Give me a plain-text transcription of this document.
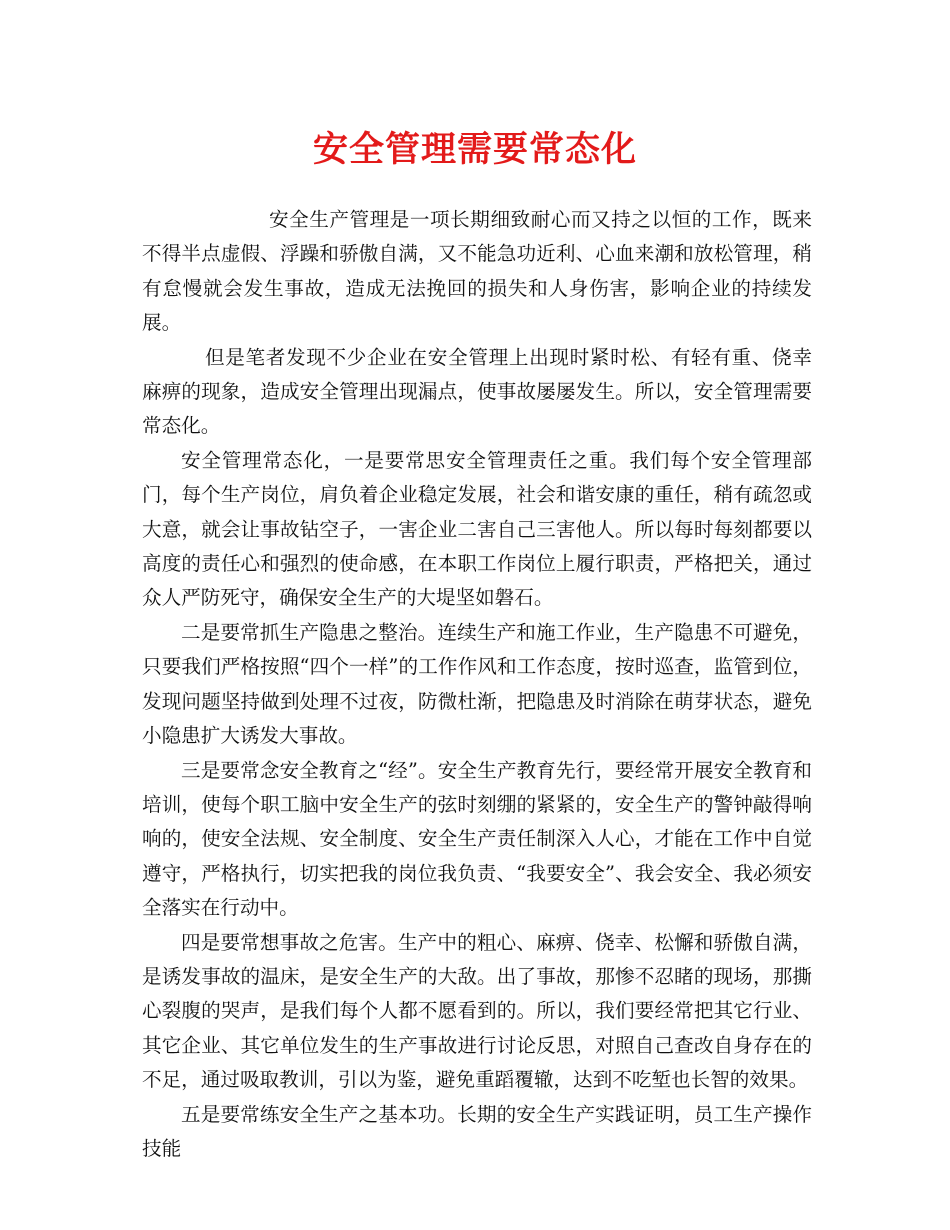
安全管理需要常态化

安全生产管理是一项长期细致耐心而又持之以恒的工作，既来不得半点虚假、浮躁和骄傲自满，又不能急功近利、心血来潮和放松管理，稍有怠慢就会发生事故，造成无法挽回的损失和人身伤害，影响企业的持续发展。

但是笔者发现不少企业在安全管理上出现时紧时松、有轻有重、侥幸麻痹的现象，造成安全管理出现漏点，使事故屡屡发生。所以，安全管理需要常态化。

安全管理常态化，一是要常思安全管理责任之重。我们每个安全管理部门，每个生产岗位，肩负着企业稳定发展，社会和谐安康的重任，稍有疏忽或大意，就会让事故钻空子，一害企业二害自己三害他人。所以每时每刻都要以高度的责任心和强烈的使命感，在本职工作岗位上履行职责，严格把关，通过众人严防死守，确保安全生产的大堤坚如磐石。

二是要常抓生产隐患之整治。连续生产和施工作业，生产隐患不可避免，只要我们严格按照“四个一样”的工作作风和工作态度，按时巡查，监管到位，发现问题坚持做到处理不过夜，防微杜渐，把隐患及时消除在萌芽状态，避免小隐患扩大诱发大事故。

三是要常念安全教育之“经”。安全生产教育先行，要经常开展安全教育和培训，使每个职工脑中安全生产的弦时刻绷的紧紧的，安全生产的警钟敲得响响的，使安全法规、安全制度、安全生产责任制深入人心，才能在工作中自觉遵守，严格执行，切实把我的岗位我负责、“我要安全”、我会安全、我必须安全落实在行动中。

四是要常想事故之危害。生产中的粗心、麻痹、侥幸、松懈和骄傲自满，是诱发事故的温床，是安全生产的大敌。出了事故，那惨不忍睹的现场，那撕心裂腹的哭声，是我们每个人都不愿看到的。所以，我们要经常把其它行业、其它企业、其它单位发生的生产事故进行讨论反思，对照自己查改自身存在的不足，通过吸取教训，引以为鉴，避免重蹈覆辙，达到不吃堑也长智的效果。

五是要常练安全生产之基本功。长期的安全生产实践证明，员工生产操作技能
